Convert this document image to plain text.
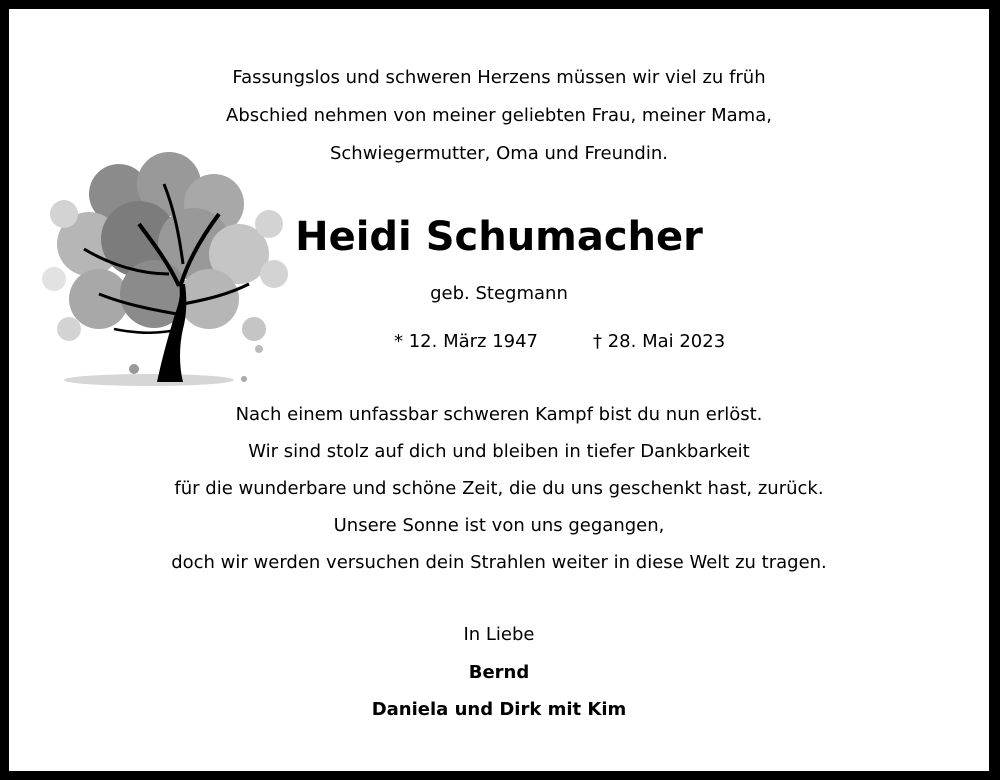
Fassungslos und schweren Herzens müssen wir viel zu früh
Abschied nehmen von meiner geliebten Frau, meiner Mama,
Schwiegermutter, Oma und Freundin.
Heidi Schumacher
geb. Stegmann
* 12. März 1947	† 28. Mai 2023
Nach einem unfassbar schweren Kampf bist du nun erlöst.
Wir sind stolz auf dich und bleiben in tiefer Dankbarkeit
für die wunderbare und schöne Zeit, die du uns geschenkt hast, zurück.
Unsere Sonne ist von uns gegangen,
doch wir werden versuchen dein Strahlen weiter in diese Welt zu tragen.
In Liebe
Bernd
Daniela und Dirk mit Kim
